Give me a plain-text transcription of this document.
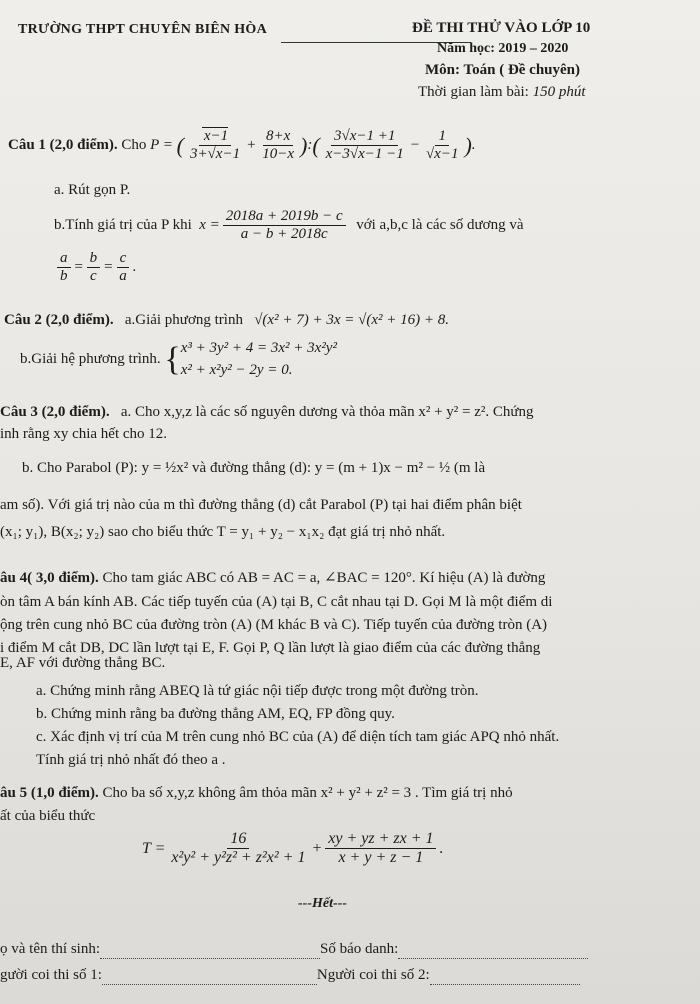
TRƯỜNG THPT CHUYÊN BIÊN HÒA	ĐỀ THI THỬ VÀO LỚP 10
Năm học: 2019 – 2020
Môn: Toán ( Đề chuyên)
Thời gian làm bài: 150 phút
Câu 1 (2,0 điểm).
Cho
P = ( $\frac{x-1}{3+√x-1} + \frac{8+x}{10-x}$ ) : ( $\frac{3√x-1 +1}{x-3√x-1 -1} - \frac{1}{√x-1}$ ) .
a. Rút gọn P.
b.Tính giá trị của P khi
$x = \frac{2018a + 2019b - c}{a - b + 2018c}$
với a,b,c là các số dương và
$\frac{a}{b} = \frac{b}{c} = \frac{c}{a}$ .
Câu 2 (2,0 điểm). a.Giải phương trình √(x² + 7) + 3x = √(x² + 16) + 8.
b.Giải hệ phương trình.
{ x³ + 3y² + 4 = 3x² + 3x²y²
x² + x²y² − 2y = 0.
Câu 3 (2,0 điểm). a. Cho x,y,z là các số nguyên dương và thỏa mãn x² + y² = z². Chứng
inh rằng xy chia hết cho 12.
b. Cho Parabol (P): y = ½x² và đường thẳng (d): y = (m + 1)x − m² − ½ (m là
am số). Với giá trị nào của m thì đường thẳng (d) cắt Parabol (P) tại hai điểm phân biệt
(x₁; y₁), B(x₂; y₂) sao cho biểu thức T = y₁ + y₂ − x₁x₂ đạt giá trị nhỏ nhất.
âu 4( 3,0 điểm). Cho tam giác ABC có AB = AC = a, ∠BAC = 120°. Kí hiệu (A) là đường
òn tâm A bán kính AB. Các tiếp tuyến của (A) tại B, C cắt nhau tại D. Gọi M là một điểm di
ộng trên cung nhỏ BC của đường tròn (A) (M khác B và C). Tiếp tuyến của đường tròn (A)
i điểm M cắt DB, DC lần lượt tại E, F. Gọi P, Q lần lượt là giao điểm của các đường thẳng
E, AF với đường thẳng BC.
a. Chứng minh rằng ABEQ là tứ giác nội tiếp được trong một đường tròn.
b. Chứng minh rằng ba đường thẳng AM, EQ, FP đồng quy.
c. Xác định vị trí của M trên cung nhỏ BC của (A) để diện tích tam giác APQ nhỏ nhất.
Tính giá trị nhỏ nhất đó theo a .
âu 5 (1,0 điểm). Cho ba số x,y,z không âm thỏa mãn x² + y² + z² = 3 . Tìm giá trị nhỏ
ất của biểu thức
$T = \frac{16}{\text{x²y² + y²z² + z²x² + 1}} + \frac{xy + yz + zx + 1}{x + y + z - 1}$ .
---Hết---
ọ và tên thí sinh:	Số báo danh:
gười coi thi số 1:	Người coi thi số 2:
